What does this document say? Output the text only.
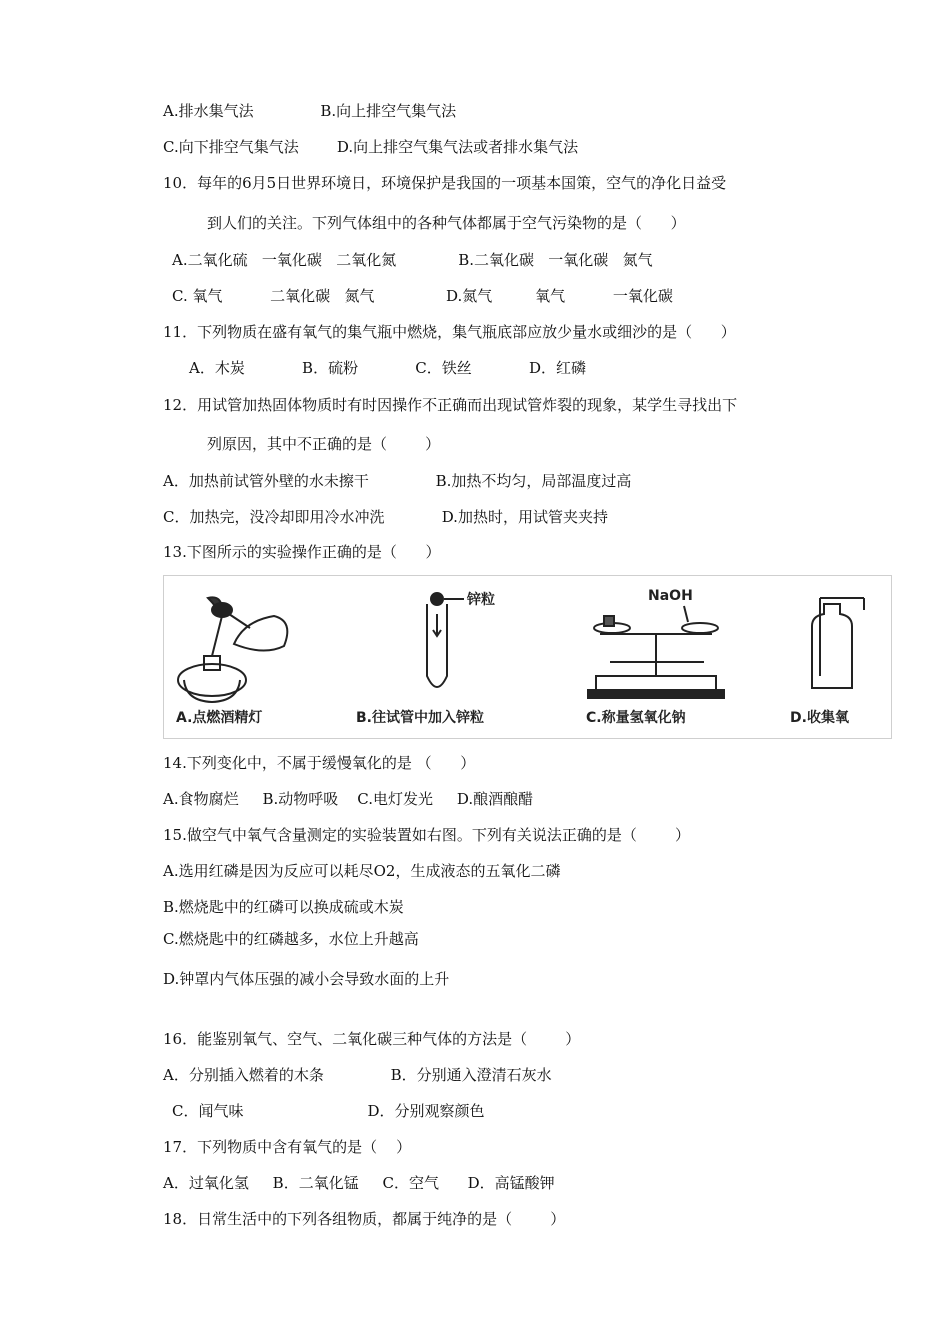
A.排水集气法              B.向上排空气集气法
C.向下排空气集气法        D.向上排空气集气法或者排水集气法
10．每年的6月5日世界环境日，环境保护是我国的一项基本国策，空气的净化日益受
到人们的关注。下列气体组中的各种气体都属于空气污染物的是（      ）
A.二氧化硫   一氧化碳   二氧化氮             B.二氧化碳   一氧化碳   氮气
C. 氧气          二氧化碳   氮气               D.氮气         氧气          一氧化碳
11．下列物质在盛有氧气的集气瓶中燃烧，集气瓶底部应放少量水或细沙的是（      ）
A．木炭            B．硫粉            C．铁丝            D．红磷
12．用试管加热固体物质时有时因操作不正确而出现试管炸裂的现象，某学生寻找出下
列原因，其中不正确的是（        ）
A．加热前试管外壁的水未擦干              B.加热不均匀，局部温度过高
C．加热完，没冷却即用冷水冲洗            D.加热时，用试管夹夹持
13.下图所示的实验操作正确的是（      ）
A.点燃酒精灯
锌粒
B.往试管中加入锌粒
NaOH
C.称量氢氧化钠	D.收集氧
14.下列变化中，不属于缓慢氧化的是 （      ）
A.食物腐烂     B.动物呼吸    C.电灯发光     D.酿酒酿醋
15.做空气中氧气含量测定的实验装置如右图。下列有关说法正确的是（        ）
A.选用红磷是因为反应可以耗尽O2，生成液态的五氧化二磷
B.燃烧匙中的红磷可以换成硫或木炭
C.燃烧匙中的红磷越多，水位上升越高
D.钟罩内气体压强的减小会导致水面的上升
16．能鉴别氧气、空气、二氧化碳三种气体的方法是（        ）
A．分别插入燃着的木条              B．分别通入澄清石灰水
C．闻气味                          D．分别观察颜色
17．下列物质中含有氧气的是（    ）
A．过氧化氢     B．二氧化锰     C．空气      D．高锰酸钾
18．日常生活中的下列各组物质，都属于纯净的是（        ）
